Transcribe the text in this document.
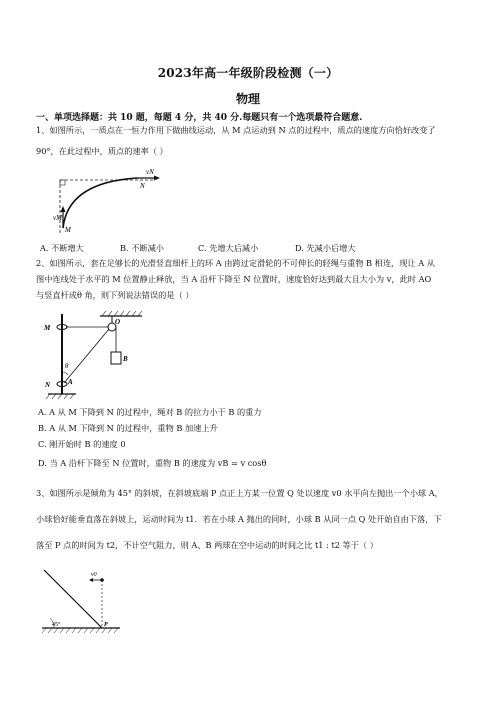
2023年高一年级阶段检测（一）
物理
一、单项选择题：共 10 题，每题 4 分，共 40 分.每题只有一个选项最符合题意.
1、如图所示，一质点在一恒力作用下做曲线运动，从 M 点运动到 N 点的过程中，质点的速度方向恰好改变了
90°，在此过程中，质点的速率（ ）
vN
N
vM
M
A. 不断增大	B. 不断减小	C. 先增大后减小	D. 先减小后增大
2、如图所示，套在足够长的光滑竖直细杆上的环 A 由跨过定滑轮的不可伸长的轻绳与重物 B 相连，现让 A 从
图中连线处于水平的 M 位置静止释放，当 A 沿杆下降至 N 位置时，速度恰好达到最大且大小为 v，此时 AO
与竖直杆成θ 角，则下列说法错误的是（ ）
M
O
B
θ
N	A
A. A 从 M 下降到 N 的过程中，绳对 B 的拉力小于 B 的重力
B. A 从 M 下降到 N 的过程中，重物 B 加速上升
C. 刚开始时 B 的速度 0
D. 当 A 沿杆下降至 N 位置时，重物 B 的速度为 vB = v cosθ
3、如图所示是倾角为 45° 的斜坡，在斜坡底端 P 点正上方某一位置 Q 处以速度 v0 水平向左抛出一个小球 A，
小球恰好能垂直落在斜坡上，运动时间为 t1．若在小球 A 抛出的同时，小球 B 从同一点 Q 处开始自由下落，下
落至 P 点的时间为 t2，不计空气阻力，则 A、B 两球在空中运动的时间之比 t1 : t2 等于（ ）
v0
45°	P
